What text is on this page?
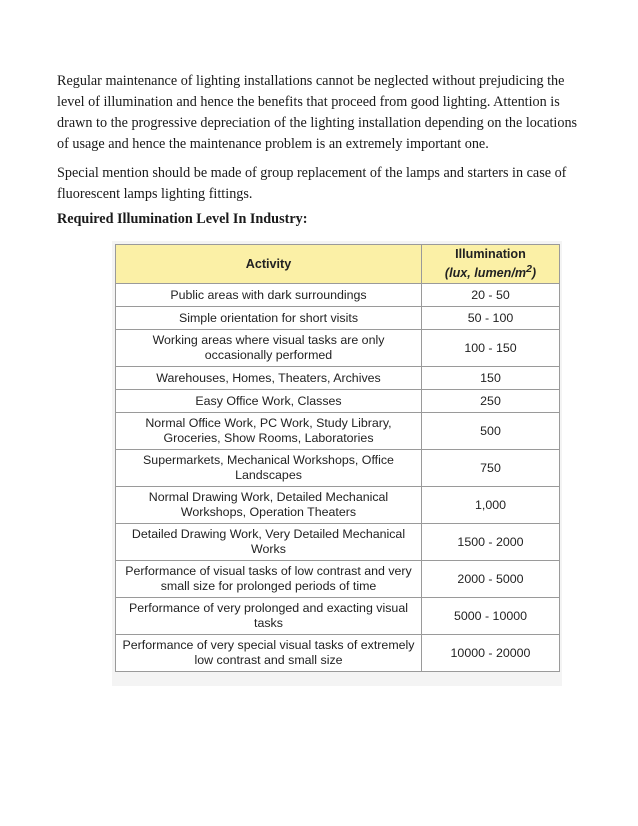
Regular maintenance of lighting installations cannot be neglected without prejudicing the level of illumination and hence the benefits that proceed from good lighting. Attention is drawn to the progressive depreciation of the lighting installation depending on the locations of usage and hence the maintenance problem is an extremely important one.

Special mention should be made of group replacement of the lamps and starters in case of fluorescent lamps lighting fittings.

Required Illumination Level In Industry:

Activity	Illumination
(lux, lumen/$m^2$)
Public areas with dark surroundings	20 - 50
Simple orientation for short visits	50 - 100
Working areas where visual tasks are only occasionally performed	100 - 150
Warehouses, Homes, Theaters, Archives	150
Easy Office Work, Classes	250
Normal Office Work, PC Work, Study Library, Groceries, Show Rooms, Laboratories	500
Supermarkets, Mechanical Workshops, Office Landscapes	750
Normal Drawing Work, Detailed Mechanical Workshops, Operation Theaters	1,000
Detailed Drawing Work, Very Detailed Mechanical Works	1500 - 2000
Performance of visual tasks of low contrast and very small size for prolonged periods of time	2000 - 5000
Performance of very prolonged and exacting visual tasks	5000 - 10000
Performance of very special visual tasks of extremely low contrast and small size	10000 - 20000
